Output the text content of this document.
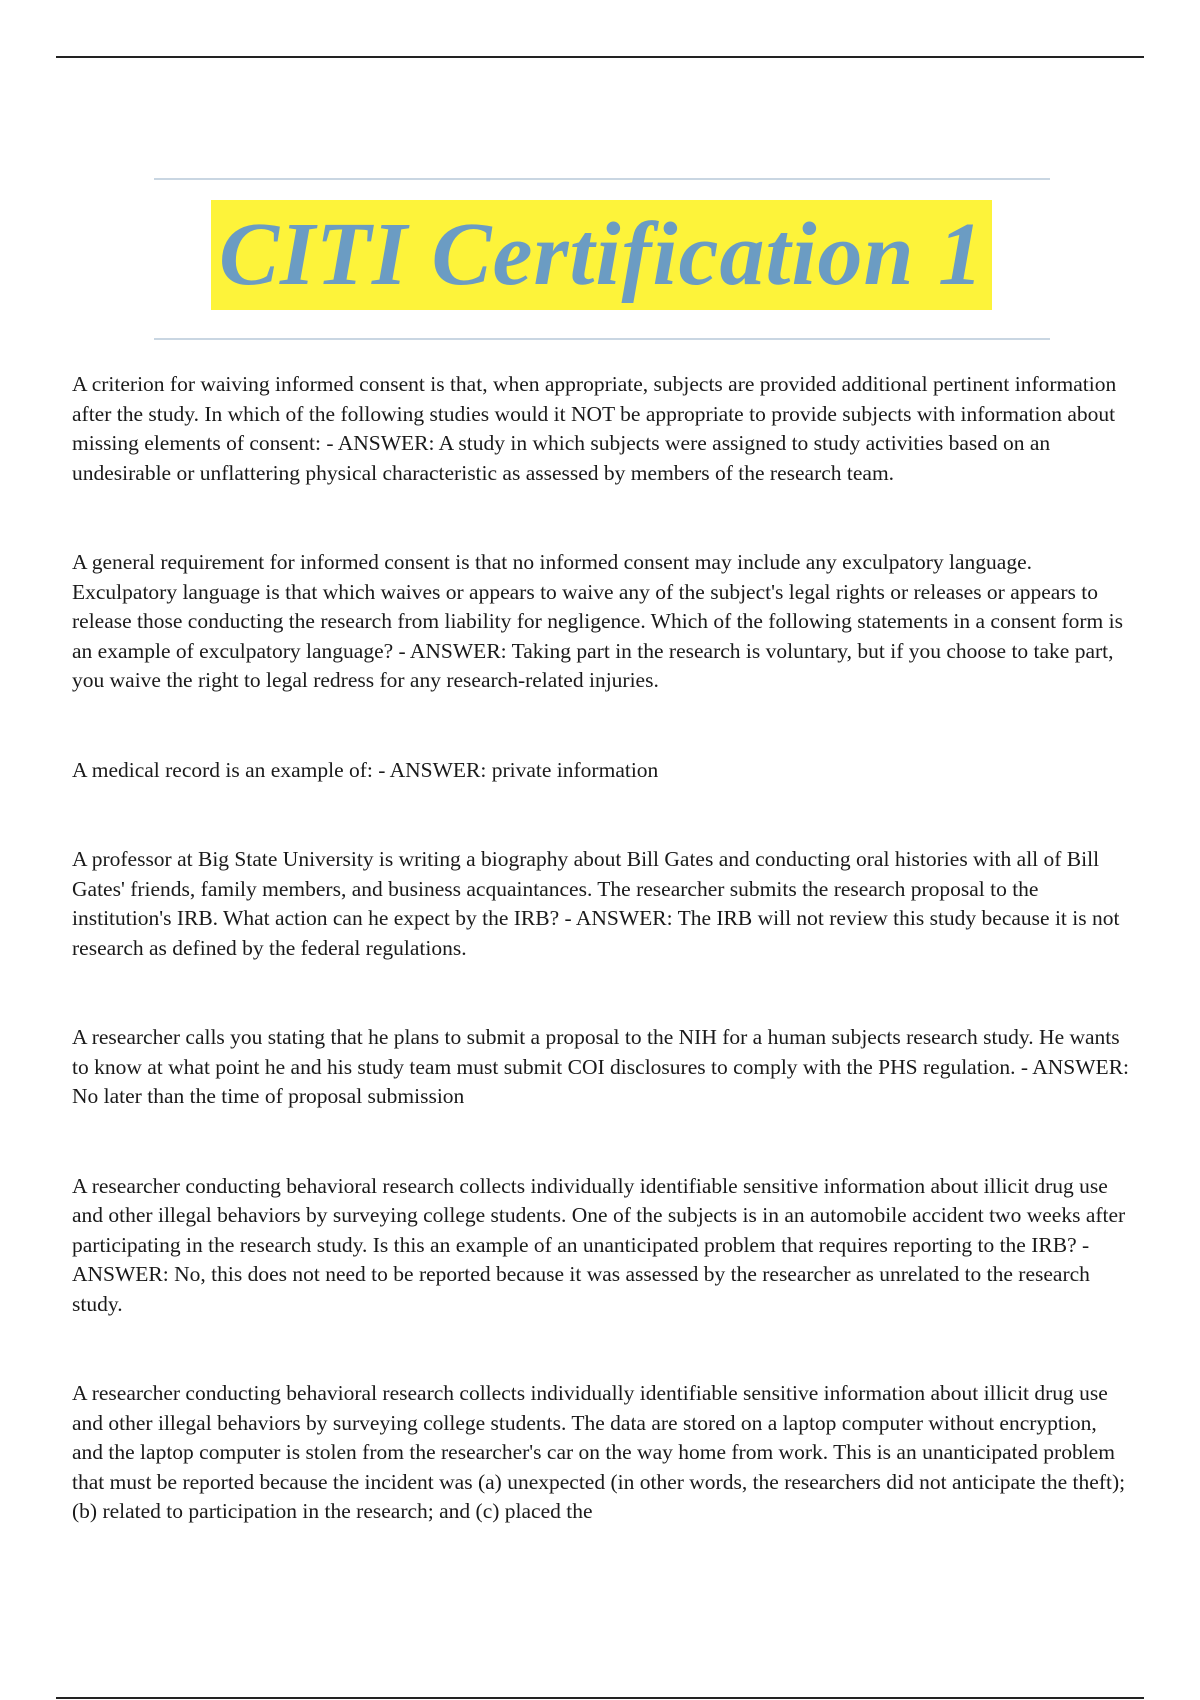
CITI Certification 1

A criterion for waiving informed consent is that, when appropriate, subjects are provided additional pertinent information after the study. In which of the following studies would it NOT be appropriate to provide subjects with information about missing elements of consent: - ANSWER: A study in which subjects were assigned to study activities based on an undesirable or unflattering physical characteristic as assessed by members of the research team.

A general requirement for informed consent is that no informed consent may include any exculpatory language. Exculpatory language is that which waives or appears to waive any of the subject's legal rights or releases or appears to release those conducting the research from liability for negligence. Which of the following statements in a consent form is an example of exculpatory language? - ANSWER: Taking part in the research is voluntary, but if you choose to take part, you waive the right to legal redress for any research-related injuries.

A medical record is an example of: - ANSWER: private information

A professor at Big State University is writing a biography about Bill Gates and conducting oral histories with all of Bill Gates' friends, family members, and business acquaintances. The researcher submits the research proposal to the institution's IRB. What action can he expect by the IRB? - ANSWER: The IRB will not review this study because it is not research as defined by the federal regulations.

A researcher calls you stating that he plans to submit a proposal to the NIH for a human subjects research study. He wants to know at what point he and his study team must submit COI disclosures to comply with the PHS regulation. - ANSWER: No later than the time of proposal submission

A researcher conducting behavioral research collects individually identifiable sensitive information about illicit drug use and other illegal behaviors by surveying college students. One of the subjects is in an automobile accident two weeks after participating in the research study. Is this an example of an unanticipated problem that requires reporting to the IRB? - ANSWER: No, this does not need to be reported because it was assessed by the researcher as unrelated to the research study.

A researcher conducting behavioral research collects individually identifiable sensitive information about illicit drug use and other illegal behaviors by surveying college students. The data are stored on a laptop computer without encryption, and the laptop computer is stolen from the researcher's car on the way home from work. This is an unanticipated problem that must be reported because the incident was (a) unexpected (in other words, the researchers did not anticipate the theft); (b) related to participation in the research; and (c) placed the
